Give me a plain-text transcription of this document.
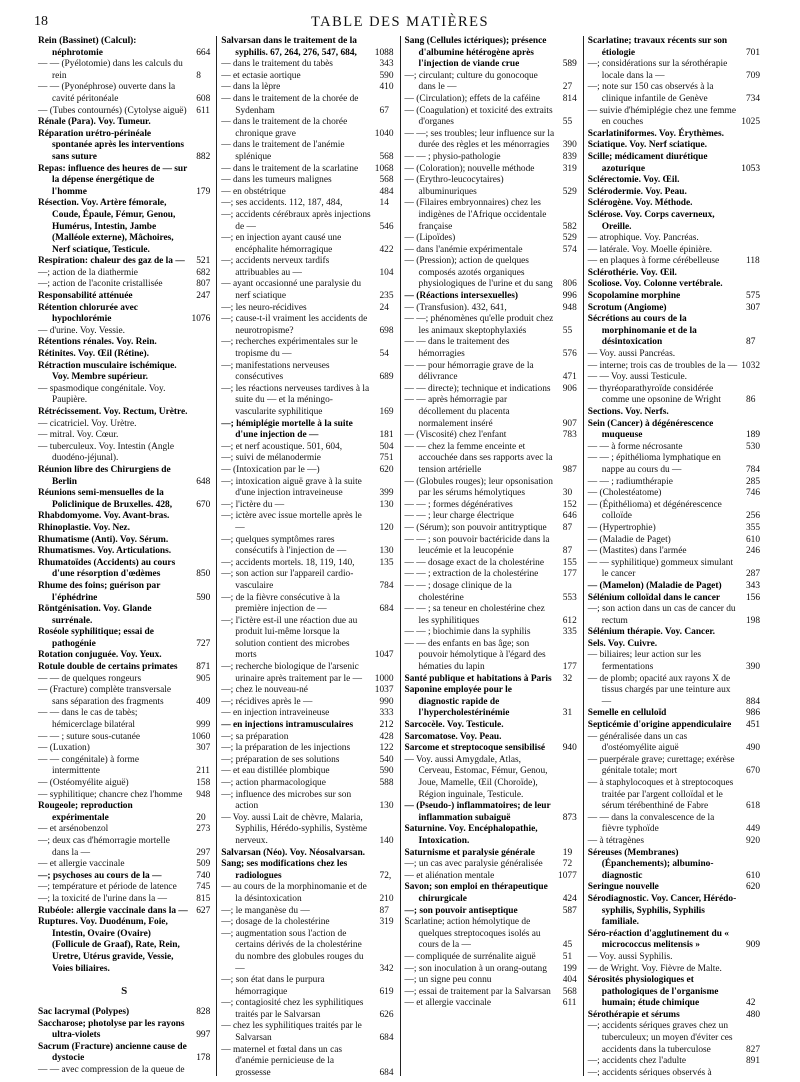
18	TABLE DES MATIÈRES
Rein (Bassinet) (Calcul): néphrotomie	664
— — (Pyélotomie) dans les calculs du rein	8
— — (Pyonéphrose) ouverte dans la cavité péritonéale	608
— (Tubes contournés) (Cytolyse aiguë) 611
Rénale (Para). Voy. Tumeur.
Réparation urétro-périnéale spontanée après les interventions sans suture	882
Repas: influence des heures de — sur la dépense énergétique de l'homme	179
Résection. Voy. Artère fémorale, Coude, Épaule, Fémur, Genou, Humérus, Intestin, Jambe (Malléole externe), Mâchoires, Nerf sciatique, Testicule.
Respiration: chaleur des gaz de la — 521
—; action de la diathermie	682
—; action de l'aconite cristallisée	807
Responsabilité atténuée	247
Rétention chlorurée avec hypochlorémie	1076
— d'urine. Voy. Vessie.
Rétentions rénales. Voy. Rein.
Rétinites. Voy. Œil (Rétine).
Rétraction musculaire ischémique. Voy. Membre supérieur.
— spasmodique congénitale. Voy. Paupière.
Rétrécissement. Voy. Rectum, Urètre.
— cicatriciel. Voy. Urètre.
— mitral. Voy. Cœur.
— tuberculeux. Voy. Intestin (Angle duodéno-jéjunal).
Réunion libre des Chirurgiens de Berlin	648
Réunions semi-mensuelles de la Policlinique de Bruxelles. 428,	670
Rhabdomyome. Voy. Avant-bras.
Rhinoplastie. Voy. Nez.
Rhumatisme (Anti). Voy. Sérum.
Rhumatismes. Voy. Articulations.
Rhumatoïdes (Accidents) au cours d'une résorption d'œdèmes	850
Rhume des foins; guérison par l'éphédrine	590
Röntgénisation. Voy. Glande surrénale.
Roséole syphilitique; essai de pathogénie	727
Rotation conjuguée. Voy. Yeux.
Rotule double de certains primates 871
— — de quelques rongeurs	905
— (Fracture) complète transversale sans séparation des fragments	409
— — dans le cas de tabès; hémicerclage bilatéral	999
— — ; suture sous-cutanée	1060
— (Luxation)	307
— — congénitale) à forme intermittente	211
— (Ostéomyélite aiguë)	158
— syphilitique; chancre chez l'homme 948
Rougeole; reproduction expérimentale	20
— et arsénobenzol	273
—; deux cas d'hémorragie mortelle dans la —	297
— et allergie vaccinale	509
—; psychoses au cours de la —	740
—; température et période de latence 745
—; la toxicité de l'urine dans la —	815
Rubéole: allergie vaccinale dans la — 627
Ruptures. Voy. Duodénum, Foie, Intestin, Ovaire (Ovaire) (Follicule de Graaf), Rate, Rein, Uretre, Utérus gravide, Vessie, Voies biliaires.
S
Sac lacrymal (Polypes)	828
Saccharose; photolyse par les rayons ultra-violets	997
Sacrum (Fracture) ancienne cause de dystocie	178
— — avec compression de la queue de
Salvarsan dans le traitement de la syphilis. 67, 264, 276, 547, 684, 1088
— dans le traitement du tabès	343
— et ectasie aortique	590
— dans la lèpre	410
— dans le traitement de la chorée de Sydenham	67
— dans le traitement de la chorée chronique grave	1040
— dans le traitement de l'anémie splénique	568
— dans le traitement de la scarlatine 1068
— dans les tumeurs malignes	568
— en obstétrique	484
—; ses accidents. 112, 187, 484,	14
—; accidents cérébraux après injections de —	546
—; en injection ayant causé une encéphalite hémorragique	422
—; accidents nerveux tardifs attribuables au —	104
— ayant occasionné une paralysie du nerf sciatique	235
—; les neuro-récidives	24
—; cause-t-il vraiment les accidents de neurotropisme?	698
—; recherches expérimentales sur le tropisme du —	54
—; manifestations nerveuses consécutives	689
—; les réactions nerveuses tardives à la suite du — et la méningo-vascularite syphilitique	169
—; hémiplégie mortelle à la suite d'une injection de —	181
—; et nerf acoustique. 501, 604,	504
—; suivi de mélanodermie	751
— (Intoxication par le —)	620
—; intoxication aiguë grave à la suite d'une injection intraveineuse	399
—; l'ictère du —	130
—; ictère avec issue mortelle après le —	120
—; quelques symptômes rares consécutifs à l'injection de —	130
—; accidents mortels. 18, 119, 140,	135
—; son action sur l'appareil cardio-vasculaire	784
—; de la fièvre consécutive à la première injection de —	684
—; l'ictère est-il une réaction due au produit lui-même lorsque la solution contient des microbes morts	1047
—; recherche biologique de l'arsenic urinaire après traitement par le — 1000
—; chez le nouveau-né	1037
—; récidives après le —	990
— en injection intraveineuse	333
— en injections intramusculaires	212
—; sa préparation	428
—; la préparation de les injections	122
—; préparation de ses solutions	540
— et eau distillée plombique	590
—; action pharmacologique	588
—; influence des microbes sur son action	130
— Voy. aussi Lait de chèvre, Malaria, Syphilis, Hérédo-syphilis, Système nerveux.	140
Salvarsan (Néo). Voy. Néosalvarsan.
Sang; ses modifications chez les radiologues	72,
— au cours de la morphinomanie et de la désintoxication	210
—; le manganèse du —	87
—; dosage de la cholestérine	319
—; augmentation sous l'action de certains dérivés de la cholestérine du nombre des globules rouges du —	342
—; son état dans le purpura hémorragique	619
—; contagiosité chez les syphilitiques traités par le Salvarsan	626
— chez les syphilitiques traités par le Salvarsan	684
— maternel et fœtal dans un cas d'anémie pernicieuse de la grossesse	684
Sang (Cellules ictériques); présence d'albumine hétérogène après l'injection de viande crue	589
—; circulant; culture du gonocoque dans le —	27
— (Circulation); effets de la caféine 814
— (Coagulation) et toxicité des extraits d'organes	55
— —; ses troubles; leur influence sur la durée des règles et les ménorragies 390
— — ; physio-pathologie	839
— (Coloration); nouvelle méthode	319
— (Erythro-leucocytaires) albuminuriques	529
— (Filaires embryonnaires) chez les indigènes de l'Afrique occidentale française	582
— (Lipoïdes)	529
— dans l'anémie expérimentale	574
— (Pression); action de quelques composés azotés organiques physiologiques de l'urine et du sang 806
— (Réactions intersexuelles)	996
— (Transfusion). 432, 641,	948
— —; phénomènes qu'elle produit chez les animaux skeptophylaxiés	55
— — dans le traitement des hémorragies	576
— — pour hémorragie grave de la délivrance	471
— — directe); technique et indications 906
— — après hémorragie par décollement du placenta normalement inséré	907
— (Viscosité) chez l'enfant	783
— — chez la femme enceinte et accouchée dans ses rapports avec la tension artérielle	987
— (Globules rouges); leur opsonisation par les sérums hémolytiques	30
— — ; formes dégénératives	152
— — ; leur charge électrique	646
— (Sérum); son pouvoir antitryptique 87
— — ; son pouvoir bactéricide dans la leucémie et la leucopénie	87
— — dosage exact de la cholestérine 155
— — ; extraction de la cholestérine	177
— — ; dosage clinique de la cholestérine	553
— — ; sa teneur en cholestérine chez les syphilitiques	612
— — ; biochimie dans la syphilis	335
— — des enfants en bas âge; son pouvoir hémolytique à l'égard des hématies du lapin	177
Santé publique et habitations à Paris 32
Saponine employée pour le diagnostic rapide de l'hypercholestérinémie	31
Sarcocèle. Voy. Testicule.
Sarcomatose. Voy. Peau.
Sarcome et streptocoque sensibilisé 940
— Voy. aussi Amygdale, Atlas, Cerveau, Estomac, Fémur, Genou, Joue, Mamelle, Œil (Choroïde), Région inguinale, Testicule.
— (Pseudo-) inflammatoires; de leur inflammation subaiguë	873
Saturnine. Voy. Encéphalopathie, Intoxication.
Saturnisme et paralysie générale	19
—; un cas avec paralysie généralisée 72
— et aliénation mentale	1077
Savon; son emploi en thérapeutique chirurgicale	424
—; son pouvoir antiseptique	587
Scarlatine; action hémolytique de quelques streptocoques isolés au cours de la —	45
— compliquée de surrénalite aiguë	51
—; son inoculation à un orang-outang 199
—; un signe peu connu	404
—; essai de traitement par la Salvarsan 568
— et allergie vaccinale	611
Scarlatine; travaux récents sur son étiologie	701
—; considérations sur la sérothérapie locale dans la —	709
—; note sur 150 cas observés à la clinique infantile de Genève	734
— suivie d'hémiplégie chez une femme en couches	1025
Scarlatiniformes. Voy. Érythèmes.
Sciatique. Voy. Nerf sciatique.
Scille; médicament diurétique azoturique	1053
Sclérectomie. Voy. Œil.
Sclérodermie. Voy. Peau.
Sclérogène. Voy. Méthode.
Sclérose. Voy. Corps caverneux, Oreille.
— atrophique. Voy. Pancréas.
— latérale. Voy. Moelle épinière.
— en plaques à forme cérébelleuse	118
Sclérothérie. Voy. Œil.
Scoliose. Voy. Colonne vertébrale.
Scopolamine morphine	575
Scrotum (Angiome)	307
Sécrétions au cours de la morphinomanie et de la désintoxication	87
— Voy. aussi Pancréas.
— interne; trois cas de troubles de la — 1032
— — Voy. aussi Testicule.
— thyréoparathyroïde considérée comme une opsonine de Wright	86
Sections. Voy. Nerfs.
Sein (Cancer) à dégénérescence muqueuse	189
— — à forme nécrosante	530
— — ; épithélioma lymphatique en nappe au cours du —	784
— — ; radiumthérapie	285
— (Cholestéatome)	746
— (Épithélioma) et dégénérescence colloïde	256
— (Hypertrophie)	355
— (Maladie de Paget)	610
— (Mastites) dans l'armée	246
— — syphilitique) gommeux simulant le cancer	287
— (Mamelon) (Maladie de Paget)	343
Sélénium colloïdal dans le cancer	156
—; son action dans un cas de cancer du rectum	198
Sélénium thérapie. Voy. Cancer.
Sels. Voy. Cuivre.
— biliaires; leur action sur les fermentations	390
— de plomb; opacité aux rayons X de tissus chargés par une teinture aux —	884
Semelle en celluloïd	986
Septicémie d'origine appendiculaire 451
— généralisée dans un cas d'ostéomyélite aiguë	490
— puerpérale grave; curettage; exérèse génitale totale; mort	670
— à staphylocoques et à streptocoques traitée par l'argent colloïdal et le sérum térébenthiné de Fabre	618
— — dans la convalescence de la fièvre typhoïde	449
— à tétragènes	920
Séreuses (Membranes) (Épanchements); albumino-diagnostic	610
Seringue nouvelle	620
Sérodiagnostic. Voy. Cancer, Hérédo-syphilis, Syphilis, Syphilis familiale.
Séro-réaction d'agglutinement du « micrococcus melitensis »	909
— Voy. aussi Syphilis.
— de Wright. Voy. Fièvre de Malte.
Sérosités physiologiques et pathologiques de l'organisme humain; étude chimique	42
Sérothérapie et sérums	480
—; accidents sériques graves chez un tuberculeux; un moyen d'éviter ces accidents dans la tuberculose	827
—; accidents chez l'adulte	891
—; accidents sériques observés à
